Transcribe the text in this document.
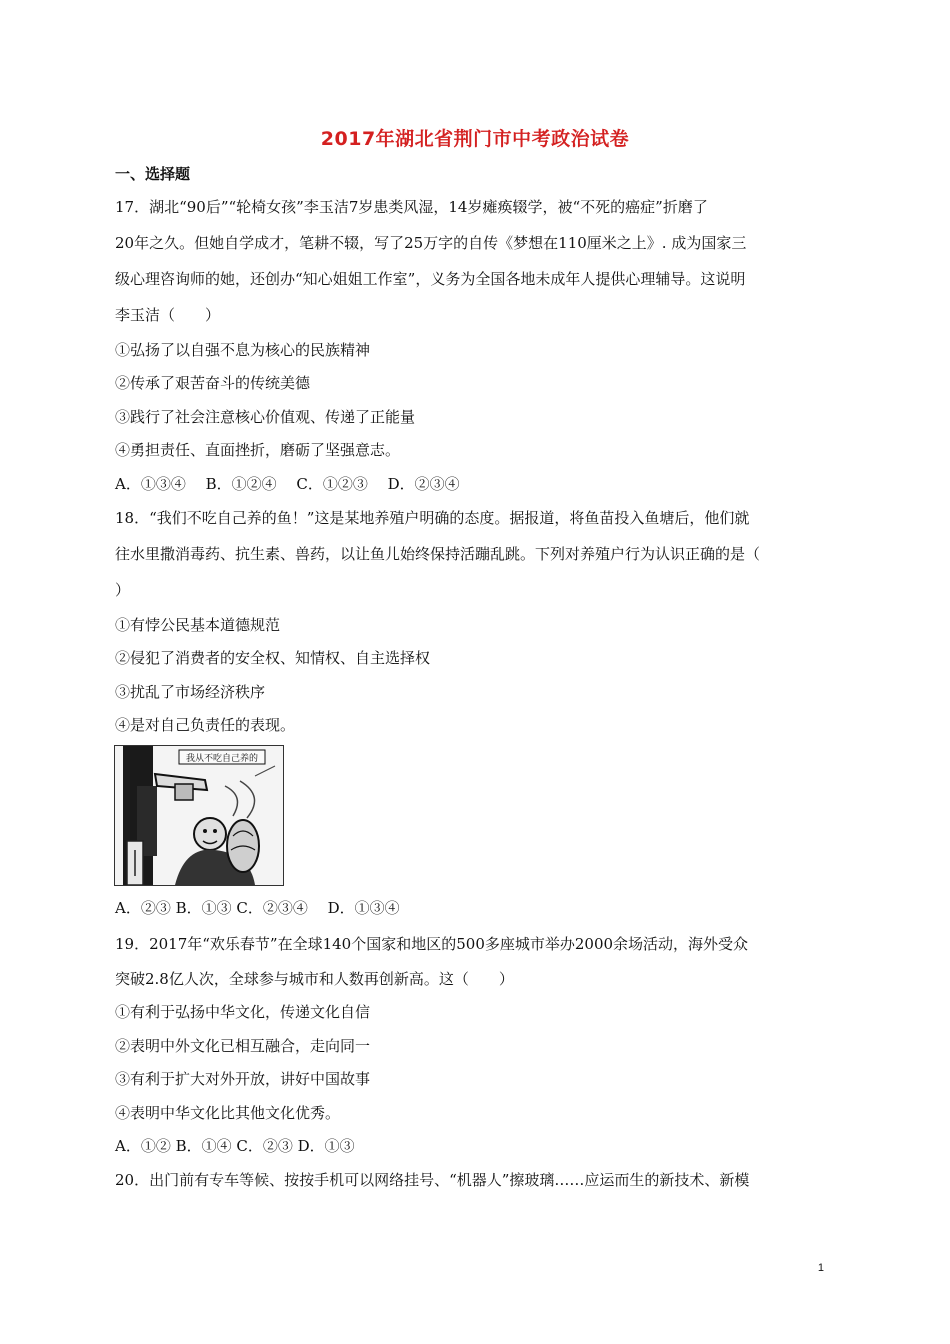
2017年湖北省荆门市中考政治试卷
一、选择题
17．湖北“90后”“轮椅女孩”李玉洁7岁患类风湿，14岁瘫痪辍学，被“不死的癌症”折磨了
20年之久。但她自学成才，笔耕不辍，写了25万字的自传《梦想在110厘米之上》. 成为国家三
级心理咨询师的她，还创办“知心姐姐工作室”，义务为全国各地未成年人提供心理辅导。这说明
李玉洁（　　）
①弘扬了以自强不息为核心的民族精神
②传承了艰苦奋斗的传统美德
③践行了社会注意核心价值观、传递了正能量
④勇担责任、直面挫折，磨砺了坚强意志。
A．①③④　 B．①②④　 C．①②③　 D．②③④
18．“我们不吃自己养的鱼！”这是某地养殖户明确的态度。据报道，将鱼苗投入鱼塘后，他们就
往水里撒消毒药、抗生素、兽药，以让鱼儿始终保持活蹦乱跳。下列对养殖户行为认识正确的是（
）
①有悖公民基本道德规范
②侵犯了消费者的安全权、知情权、自主选择权
③扰乱了市场经济秩序
④是对自己负责任的表现。
我从不吃自己养的
A．②③ B．①③ C．②③④　 D．①③④
19．2017年“欢乐春节”在全球140个国家和地区的500多座城市举办2000余场活动，海外受众
突破2.8亿人次，全球参与城市和人数再创新高。这（　　）
①有利于弘扬中华文化，传递文化自信
②表明中外文化已相互融合，走向同一
③有利于扩大对外开放，讲好中国故事
④表明中华文化比其他文化优秀。
A．①② B．①④ C．②③ D．①③
20．出门前有专车等候、按按手机可以网络挂号、“机器人”擦玻璃……应运而生的新技术、新模
1
